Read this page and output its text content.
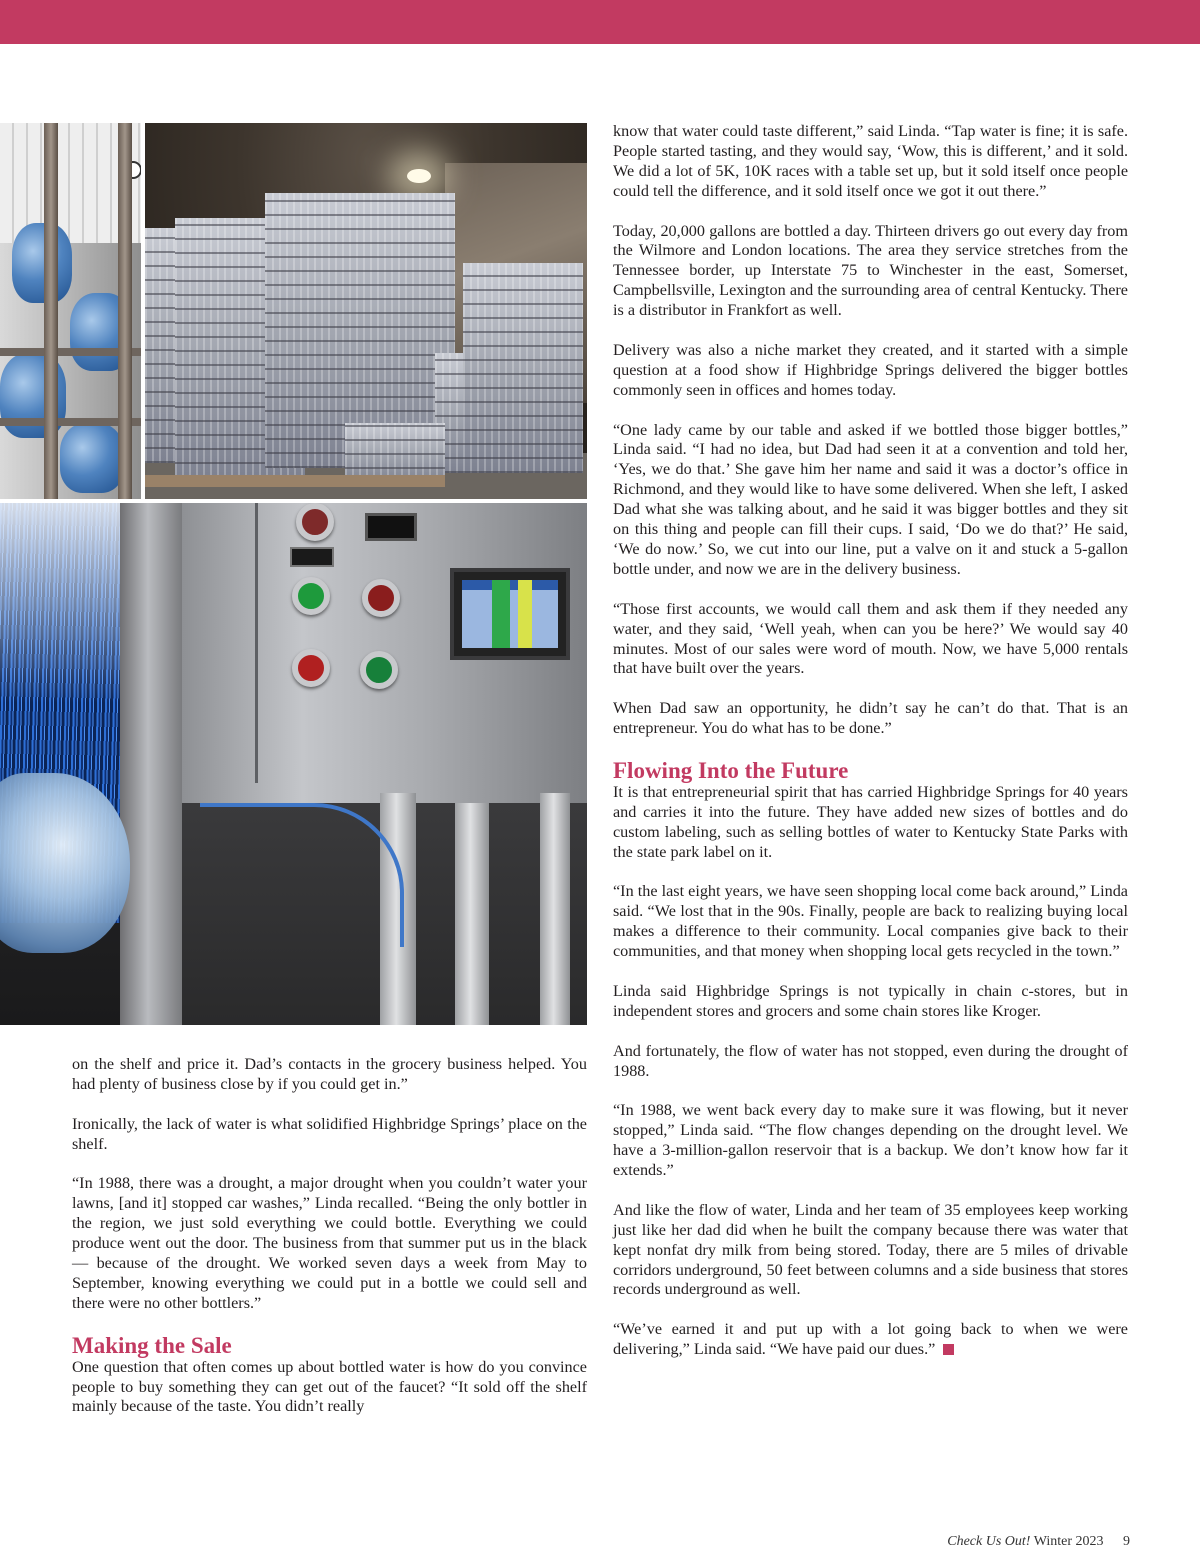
on the shelf and price it. Dad’s contacts in the grocery business helped. You had plenty of business close by if you could get in.”

Ironically, the lack of water is what solidified Highbridge Springs’ place on the shelf.

“In 1988, there was a drought, a major drought when you couldn’t water your lawns, [and it] stopped car washes,” Linda recalled. “Being the only bottler in the region, we just sold everything we could bottle. Everything we could produce went out the door. The business from that summer put us in the black — because of the drought. We worked seven days a week from May to September, knowing everything we could put in a bottle we could sell and there were no other bottlers.”

Making the Sale

One question that often comes up about bottled water is how do you convince people to buy something they can get out of the faucet? “It sold off the shelf mainly because of the taste. You didn’t really

know that water could taste different,” said Linda. “Tap water is fine; it is safe. People started tasting, and they would say, ‘Wow, this is different,’ and it sold. We did a lot of 5K, 10K races with a table set up, but it sold itself once people could tell the difference, and it sold itself once we got it out there.”

Today, 20,000 gallons are bottled a day. Thirteen drivers go out every day from the Wilmore and London locations. The area they service stretches from the Tennessee border, up Interstate 75 to Winchester in the east, Somerset, Campbellsville, Lexington and the surrounding area of central Kentucky. There is a distributor in Frankfort as well.

Delivery was also a niche market they created, and it started with a simple question at a food show if Highbridge Springs delivered the bigger bottles commonly seen in offices and homes today.

“One lady came by our table and asked if we bottled those bigger bottles,” Linda said. “I had no idea, but Dad had seen it at a convention and told her, ‘Yes, we do that.’ She gave him her name and said it was a doctor’s office in Richmond, and they would like to have some delivered. When she left, I asked Dad what she was talking about, and he said it was bigger bottles and they sit on this thing and people can fill their cups. I said, ‘Do we do that?’ He said, ‘We do now.’ So, we cut into our line, put a valve on it and stuck a 5-gallon bottle under, and now we are in the delivery business.

“Those first accounts, we would call them and ask them if they needed any water, and they said, ‘Well yeah, when can you be here?’ We would say 40 minutes. Most of our sales were word of mouth. Now, we have 5,000 rentals that have built over the years.

When Dad saw an opportunity, he didn’t say he can’t do that. That is an entrepreneur. You do what has to be done.”

Flowing Into the Future

It is that entrepreneurial spirit that has carried Highbridge Springs for 40 years and carries it into the future. They have added new sizes of bottles and do custom labeling, such as selling bottles of water to Kentucky State Parks with the state park label on it.

“In the last eight years, we have seen shopping local come back around,” Linda said. “We lost that in the 90s. Finally, people are back to realizing buying local makes a difference to their community. Local companies give back to their communities, and that money when shopping local gets recycled in the town.”

Linda said Highbridge Springs is not typically in chain c-stores, but in independent stores and grocers and some chain stores like Kroger.

And fortunately, the flow of water has not stopped, even during the drought of 1988.

“In 1988, we went back every day to make sure it was flowing, but it never stopped,” Linda said. “The flow changes depending on the drought level. We have a 3-million-gallon reservoir that is a backup. We don’t know how far it extends.”

And like the flow of water, Linda and her team of 35 employees keep working just like her dad did when he built the company because there was water that kept nonfat dry milk from being stored. Today, there are 5 miles of drivable corridors underground, 50 feet between columns and a side business that stores records underground as well.

“We’ve earned it and put up with a lot going back to when we were delivering,” Linda said. “We have paid our dues.”

Check Us Out! Winter 2023 9
